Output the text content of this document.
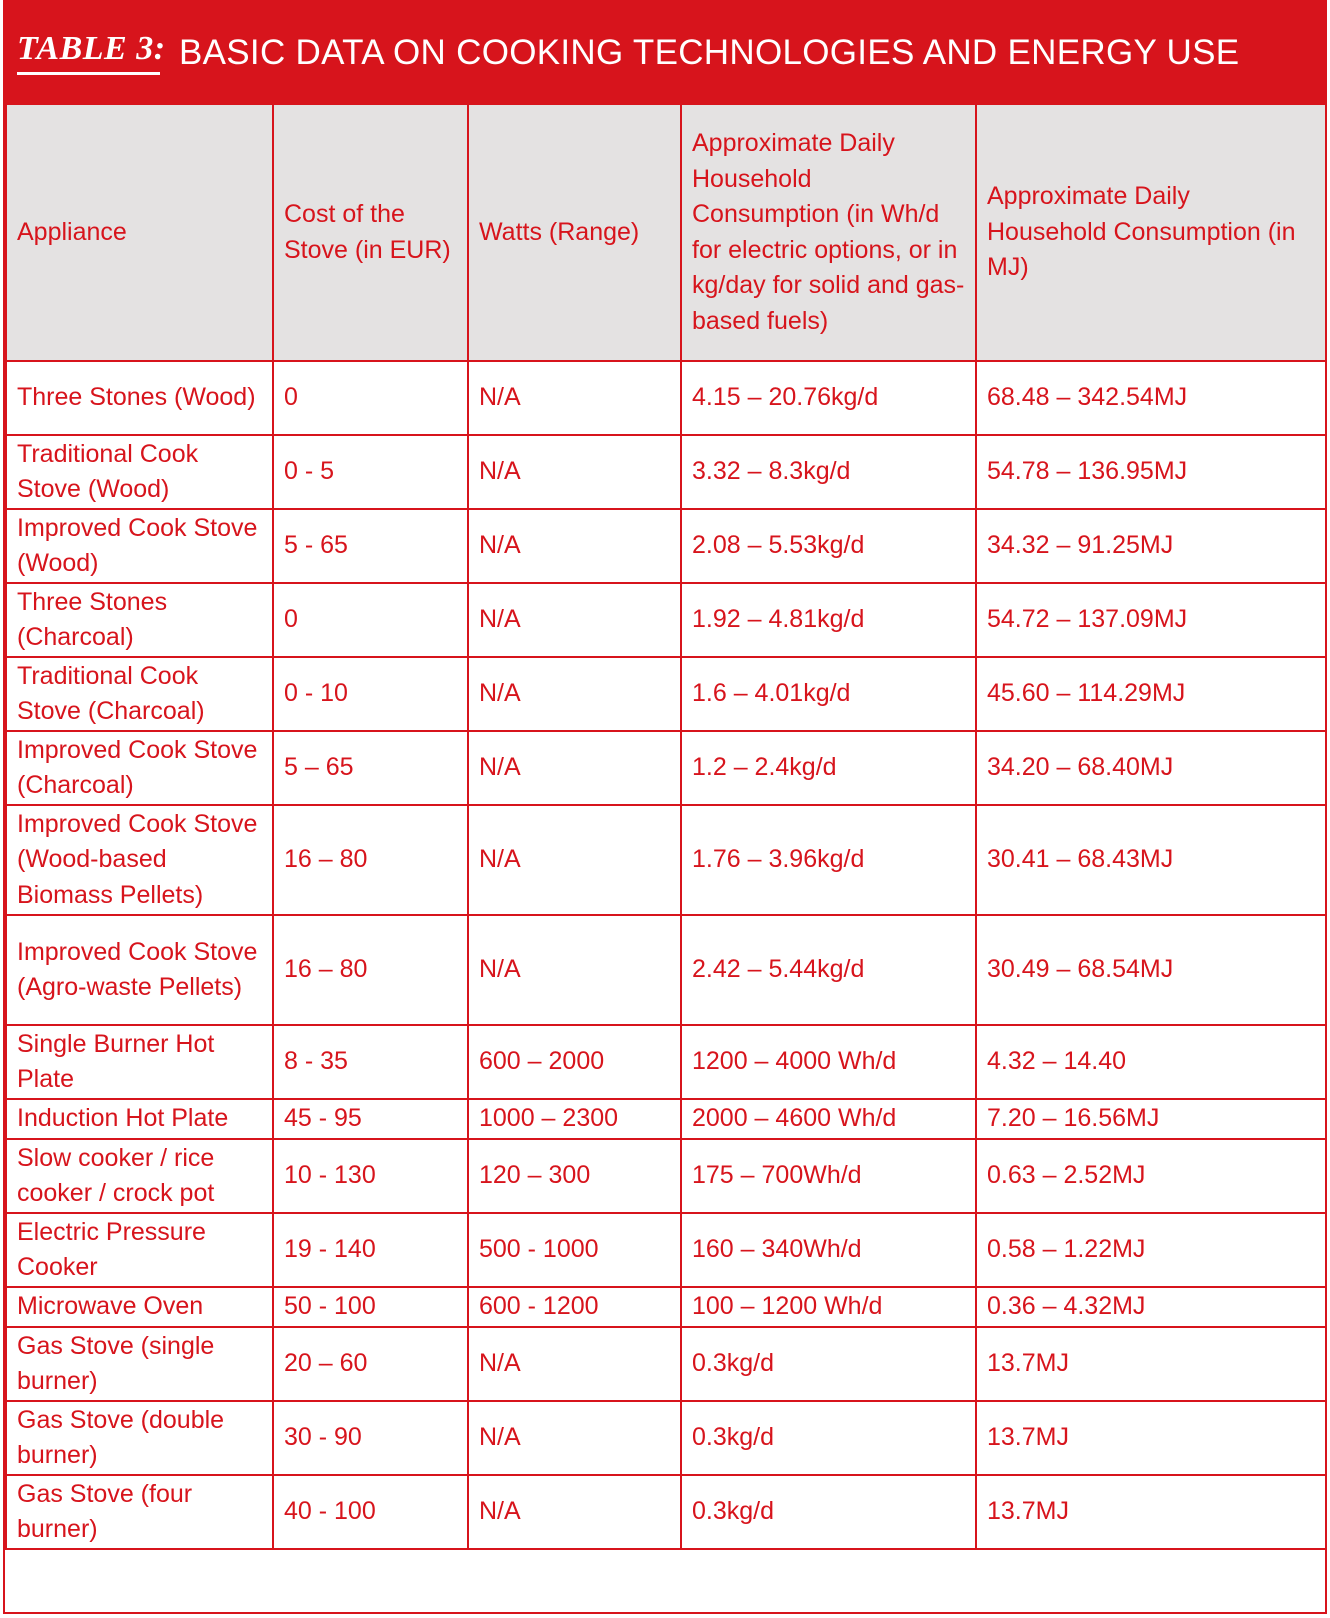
TABLE 3: BASIC DATA ON COOKING TECHNOLOGIES AND ENERGY USE
Appliance	Cost of the Stove (in EUR)	Watts (Range)	Approximate Daily Household Consumption (in Wh/d for electric options, or in kg/day for solid and gas-based fuels)	Approximate Daily Household Consumption (in MJ)
Three Stones (Wood)	0	N/A	4.15 – 20.76kg/d	68.48 – 342.54MJ
Traditional Cook Stove (Wood)	0 - 5	N/A	3.32 – 8.3kg/d	54.78 – 136.95MJ
Improved Cook Stove (Wood)	5 - 65	N/A	2.08 – 5.53kg/d	34.32 – 91.25MJ
Three Stones (Charcoal)	0	N/A	1.92 – 4.81kg/d	54.72 – 137.09MJ
Traditional Cook Stove (Charcoal)	0 - 10	N/A	1.6 – 4.01kg/d	45.60 – 114.29MJ
Improved Cook Stove (Charcoal)	5 – 65	N/A	1.2 – 2.4kg/d	34.20 – 68.40MJ
Improved Cook Stove (Wood-based Biomass Pellets)	16 – 80	N/A	1.76 – 3.96kg/d	30.41 – 68.43MJ
Improved Cook Stove (Agro-waste Pellets)	16 – 80	N/A	2.42 – 5.44kg/d	30.49 – 68.54MJ
Single Burner Hot Plate	8 - 35	600 – 2000	1200 – 4000 Wh/d	4.32 – 14.40
Induction Hot Plate	45 - 95	1000 – 2300	2000 – 4600 Wh/d	7.20 – 16.56MJ
Slow cooker / rice cooker / crock pot	10 - 130	120 – 300	175 – 700Wh/d	0.63 – 2.52MJ
Electric Pressure Cooker	19 - 140	500 - 1000	160 – 340Wh/d	0.58 – 1.22MJ
Microwave Oven	50 - 100	600 - 1200	100 – 1200 Wh/d	0.36 – 4.32MJ
Gas Stove (single burner)	20 – 60	N/A	0.3kg/d	13.7MJ
Gas Stove (double burner)	30 - 90	N/A	0.3kg/d	13.7MJ
Gas Stove (four burner)	40 - 100	N/A	0.3kg/d	13.7MJ
